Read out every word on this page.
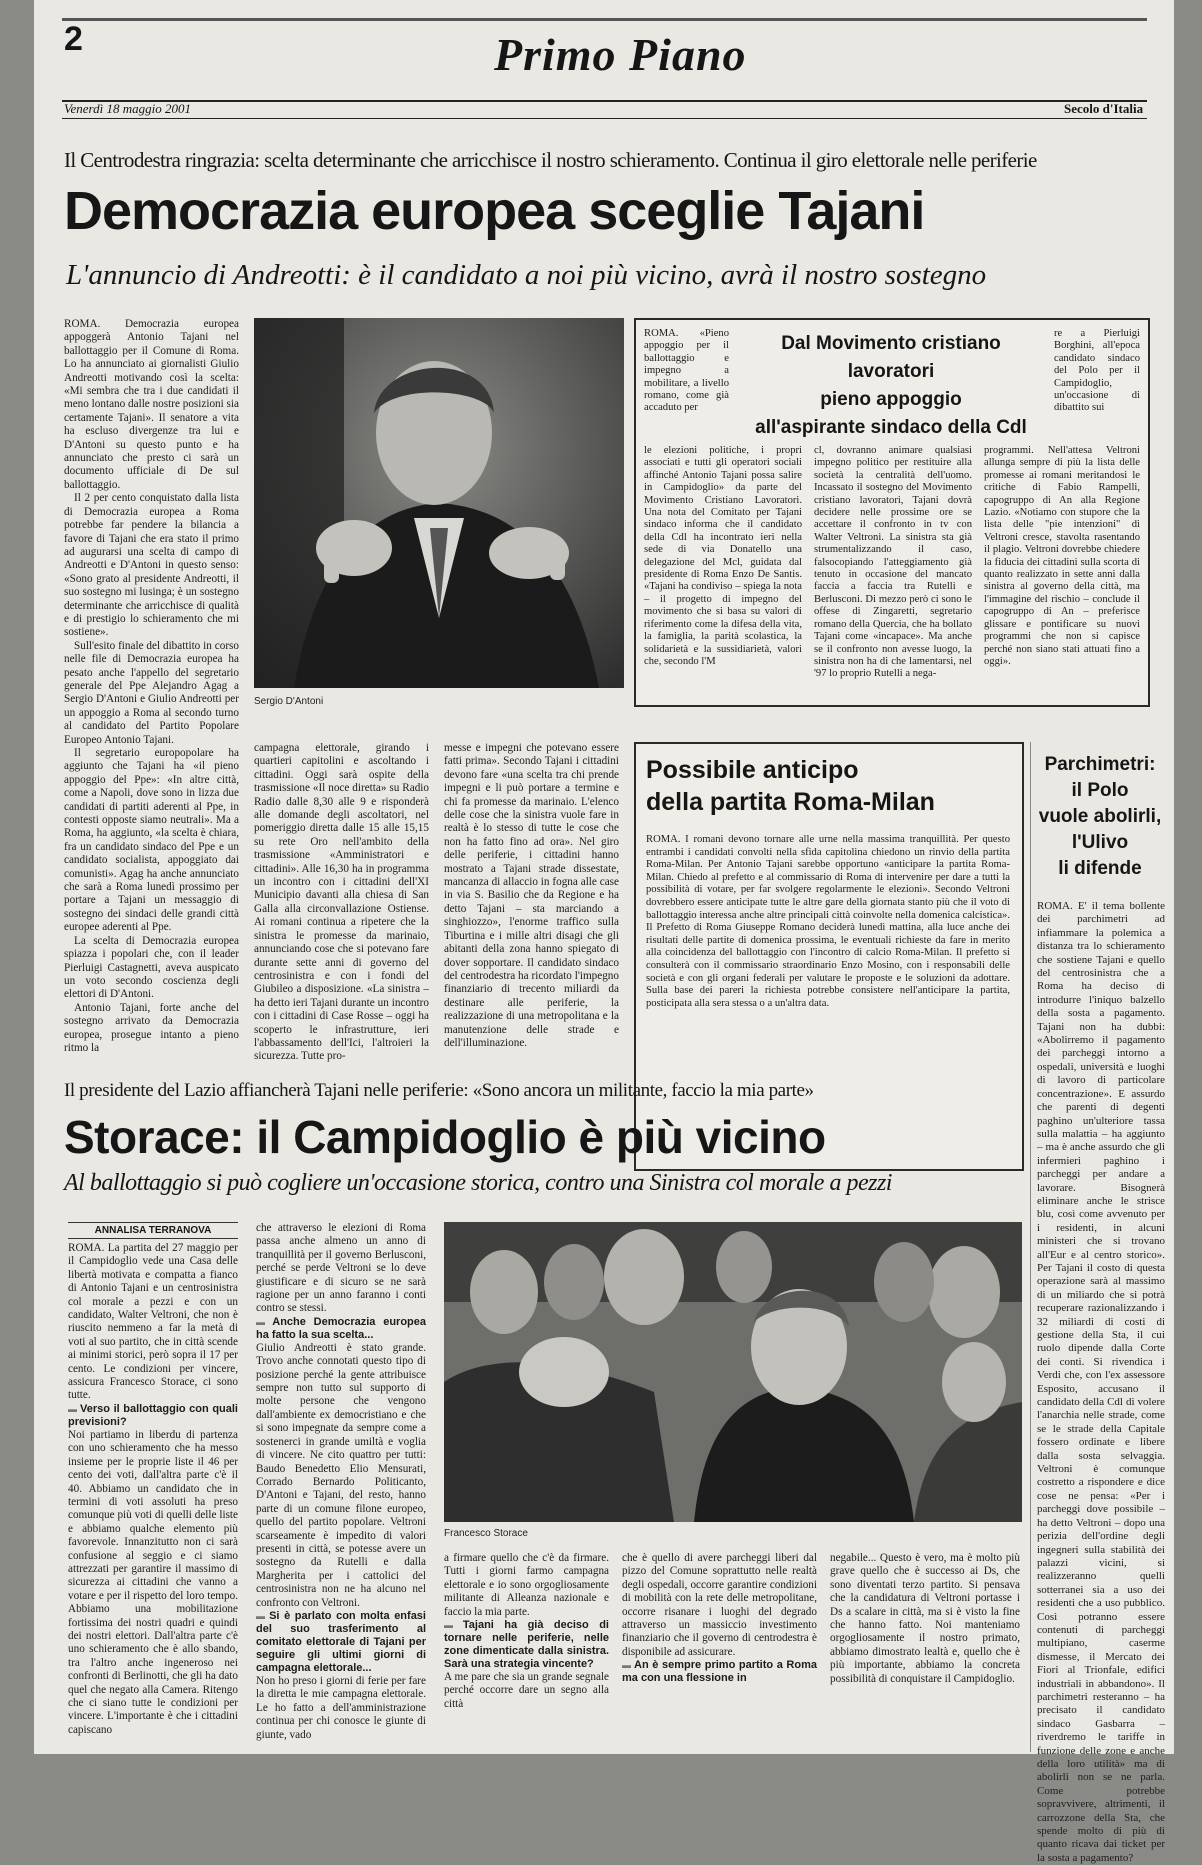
2	Primo Piano
Venerdì 18 maggio 2001	Secolo d'Italia
Il Centrodestra ringrazia: scelta determinante che arricchisce il nostro schieramento. Continua il giro elettorale nelle periferie
Democrazia europea sceglie Tajani
L'annuncio di Andreotti: è il candidato a noi più vicino, avrà il nostro sostegno

ROMA. Democrazia europea appoggerà Antonio Tajani nel ballottaggio per il Comune di Roma. Lo ha annunciato ai giornalisti Giulio Andreotti motivando così la scelta: «Mi sembra che tra i due candidati il meno lontano dalle nostre posizioni sia certamente Tajani». Il senatore a vita ha escluso divergenze tra lui e D'Antoni su questo punto e ha annunciato che presto ci sarà un documento ufficiale di De sul ballottaggio.

Il 2 per cento conquistato dalla lista di Democrazia europea a Roma potrebbe far pendere la bilancia a favore di Tajani che era stato il primo ad augurarsi una scelta di campo di Andreotti e D'Antoni in questo senso: «Sono grato al presidente Andreotti, il suo sostegno mi lusinga; è un sostegno determinante che arricchisce di qualità e di prestigio lo schieramento che mi sostiene».

Sull'esito finale del dibattito in corso nelle file di Democrazia europea ha pesato anche l'appello del segretario generale del Ppe Alejandro Agag a Sergio D'Antoni e Giulio Andreotti per un appoggio a Roma al secondo turno al candidato del Partito Popolare Europeo Antonio Tajani.

Il segretario europopolare ha aggiunto che Tajani ha «il pieno appoggio del Ppe»: «In altre città, come a Napoli, dove sono in lizza due candidati di partiti aderenti al Ppe, in contesti opposte siamo neutrali». Ma a Roma, ha aggiunto, «la scelta è chiara, fra un candidato sindaco del Ppe e un candidato socialista, appoggiato dai comunisti». Agag ha anche annunciato che sarà a Roma lunedì prossimo per portare a Tajani un messaggio di sostegno dei sindaci delle grandi città europee aderenti al Ppe.

La scelta di Democrazia europea spiazza i popolari che, con il leader Pierluigi Castagnetti, aveva auspicato un voto secondo coscienza degli elettori di D'Antoni.

Antonio Tajani, forte anche del sostegno arrivato da Democrazia europea, prosegue intanto a pieno ritmo la

Sergio D'Antoni

campagna elettorale, girando i quartieri capitolini e ascoltando i cittadini. Oggi sarà ospite della trasmissione «Il noce diretta» su Radio Radio dalle 8,30 alle 9 e risponderà alle domande degli ascoltatori, nel pomeriggio diretta dalle 15 alle 15,15 su rete Oro nell'ambito della trasmissione «Amministratori e cittadini». Alle 16,30 ha in programma un incontro con i cittadini dell'XI Municipio davanti alla chiesa di San Galla alla circonvallazione Ostiense. Ai romani continua a ripetere che la sinistra le promesse da marinaio, annunciando cose che si potevano fare durante sette anni di governo del centrosinistra e con i fondi del Giubileo a disposizione. «La sinistra – ha detto ieri Tajani durante un incontro con i cittadini di Case Rosse – oggi ha scoperto le infrastrutture, ieri l'abbassamento dell'Ici, l'altroieri la sicurezza. Tutte pro-

messe e impegni che potevano essere fatti prima». Secondo Tajani i cittadini devono fare «una scelta tra chi prende impegni e li può portare a termine e chi fa promesse da marinaio. L'elenco delle cose che la sinistra vuole fare in realtà è lo stesso di tutte le cose che non ha fatto fino ad ora». Nel giro delle periferie, i cittadini hanno mostrato a Tajani strade dissestate, mancanza di allaccio in fogna alle case in via S. Basilio che da Regione e ha detto Tajani – sta marciando a singhiozzo», l'enorme traffico sulla Tiburtina e i mille altri disagi che gli abitanti della zona hanno spiegato di dover sopportare. Il candidato sindaco del centrodestra ha ricordato l'impegno finanziario di trecento miliardi da destinare alle periferie, la realizzazione di una metropolitana e la manutenzione delle strade e dell'illuminazione.

Dal Movimento cristiano lavoratori
pieno appoggio
all'aspirante sindaco della Cdl

ROMA. «Pieno appoggio per il ballottaggio e impegno a mobilitare, a livello romano, come già accaduto per

re a Pierluigi Borghini, all'epoca candidato sindaco del Polo per il Campidoglio, un'occasione di dibattito sui

le elezioni politiche, i propri associati e tutti gli operatori sociali affinché Antonio Tajani possa salire in Campidoglio» da parte del Movimento Cristiano Lavoratori. Una nota del Comitato per Tajani sindaco informa che il candidato della Cdl ha incontrato ieri nella sede di via Donatello una delegazione del Mcl, guidata dal presidente di Roma Enzo De Santis. «Tajani ha condiviso – spiega la nota – il progetto di impegno del movimento che si basa su valori di riferimento come la difesa della vita, la famiglia, la parità scolastica, la solidarietà e la sussidiarietà, valori che, secondo l'M

cl, dovranno animare qualsiasi impegno politico per restituire alla società la centralità dell'uomo. Incassato il sostegno del Movimento cristiano lavoratori, Tajani dovrà decidere nelle prossime ore se accettare il confronto in tv con Walter Veltroni. La sinistra sta già strumentalizzando il caso, falsocopiando l'atteggiamento già tenuto in occasione del mancato faccia a faccia tra Rutelli e Berlusconi. Di mezzo però ci sono le offese di Zingaretti, segretario romano della Quercia, che ha bollato Tajani come «incapace». Ma anche se il confronto non avesse luogo, la sinistra non ha di che lamentarsi, nel '97 lo proprio Rutelli a nega-

programmi. Nell'attesa Veltroni allunga sempre di più la lista delle promesse ai romani meritandosi le critiche di Fabio Rampelli, capogruppo di An alla Regione Lazio. «Notiamo con stupore che la lista delle "pie intenzioni" di Veltroni cresce, stavolta rasentando il plagio. Veltroni dovrebbe chiedere la fiducia dei cittadini sulla scorta di quanto realizzato in sette anni dalla sinistra al governo della città, ma l'immagine del rischio – conclude il capogruppo di An – preferisce glissare e pontificare su nuovi programmi che non si capisce perché non siano stati attuati fino a oggi».

Possibile anticipo
della partita Roma-Milan

ROMA. I romani devono tornare alle urne nella massima tranquillità. Per questo entrambi i candidati convolti nella sfida capitolina chiedono un rinvio della partita Roma-Milan. Per Antonio Tajani sarebbe opportuno «anticipare la partita Roma-Milan. Chiedo al prefetto e al commissario di Roma di intervenire per dare a tutti la possibilità di votare, per far svolgere regolarmente le elezioni». Secondo Veltroni dovrebbero essere anticipate tutte le altre gare della giornata stanto più che il voto di ballottaggio interessa anche altre principali città coinvolte nella domenica calcistica». Il Prefetto di Roma Giuseppe Romano deciderà lunedì mattina, alla luce anche dei risultati delle partite di domenica prossima, le eventuali richieste da fare in merito alla coincidenza del ballottaggio con l'incontro di calcio Roma-Milan. Il prefetto si consulterà con il commissario straordinario Enzo Mosino, con i responsabili delle società e con gli organi federali per valutare le proposte e le soluzioni da adottare. Sulla base dei pareri la richiesta potrebbe consistere nell'anticipare la partita, posticipata alla sera stessa o a un'altra data.

Parchimetri:
il Polo
vuole abolirli,
l'Ulivo
li difende

ROMA. E' il tema bollente dei parchimetri ad infiammare la polemica a distanza tra lo schieramento che sostiene Tajani e quello del centrosinistra che a Roma ha deciso di introdurre l'iniquo balzello della sosta a pagamento. Tajani non ha dubbi: «Abolirremo il pagamento dei parcheggi intorno a ospedali, università e luoghi di lavoro di particolare concentrazione». E assurdo che parenti di degenti paghino un'ulteriore tassa sulla malattia – ha aggiunto – ma è anche assurdo che gli infermieri paghino i parcheggi per andare a lavorare. Bisognerà eliminare anche le strisce blu, così come avvenuto per i residenti, in alcuni ministeri che si trovano all'Eur e al centro storico». Per Tajani il costo di questa operazione sarà al massimo di un miliardo che si potrà recuperare razionalizzando i 32 miliardi di costi di gestione della Sta, il cui ruolo dipende dalla Corte dei conti. Si rivendica i Verdi che, con l'ex assessore Esposito, accusano il candidato della Cdl di volere l'anarchia nelle strade, come se le strade della Capitale fossero ordinate e libere dalla sosta selvaggia. Veltroni è comunque costretto a rispondere e dice cose ne pensa: «Per i parcheggi dove possibile – ha detto Veltroni – dopo una perizia dell'ordine degli ingegneri sulla stabilità dei palazzi vicini, si realizzeranno quelli sotterranei sia a uso dei residenti che a uso pubblico. Così potranno essere contenuti di parcheggi multipiano, caserme dismesse, il Mercato dei Fiori al Trionfale, edifici industriali in abbandono». Il parchimetri resteranno – ha precisato il candidato sindaco Gasbarra – riverdremo le tariffe in funzione delle zone e anche della loro utilità» ma di abolirli non se ne parla. Come potrebbe sopravvivere, altrimenti, il carrozzone della Sta, che spende molto di più di quanto ricava dai ticket per la sosta a pagamento?

Il presidente del Lazio affiancherà Tajani nelle periferie: «Sono ancora un militante, faccio la mia parte»
Storace: il Campidoglio è più vicino
Al ballottaggio si può cogliere un'occasione storica, contro una Sinistra col morale a pezzi
ANNALISA TERRANOVA

ROMA. La partita del 27 maggio per il Campidoglio vede una Casa delle libertà motivata e compatta a fianco di Antonio Tajani e un centrosinistra col morale a pezzi e con un candidato, Walter Veltroni, che non è riuscito nemmeno a far la metà di voti al suo partito, che in città scende ai minimi storici, però sopra il 17 per cento. Le condizioni per vincere, assicura Francesco Storace, ci sono tutte.

▬ Verso il ballottaggio con quali previsioni?

Noi partiamo in liberdu di partenza con uno schieramento che ha messo insieme per le proprie liste il 46 per cento dei voti, dall'altra parte c'è il 40. Abbiamo un candidato che in termini di voti assoluti ha preso comunque più voti di quelli delle liste e abbiamo qualche elemento più favorevole. Innanzitutto non ci sarà confusione al seggio e ci siamo attrezzati per garantire il massimo di sicurezza ai cittadini che vanno a votare e per il rispetto del loro tempo. Abbiamo una mobilitazione fortissima dei nostri quadri e quindi dei nostri elettori. Dall'altra parte c'è uno schieramento che è allo sbando, tra l'altro anche ingeneroso nei confronti di Berlinotti, che gli ha dato quel che negato alla Camera. Ritengo che ci siano tutte le condizioni per vincere. L'importante è che i cittadini capiscano

che attraverso le elezioni di Roma passa anche almeno un anno di tranquillità per il governo Berlusconi, perché se perde Veltroni se lo deve giustificare e di sicuro se ne sarà ragione per un anno faranno i conti contro se stessi.

▬ Anche Democrazia europea ha fatto la sua scelta...

Giulio Andreotti è stato grande. Trovo anche connotati questo tipo di posizione perché la gente attribuisce sempre non tutto sul supporto di molte persone che vengono dall'ambiente ex democristiano e che si sono impegnate da sempre come a sostenerci in grande umiltà e voglia di vincere. Ne cito quattro per tutti: Baudo Benedetto Elio Mensurati, Corrado Bernardo Politicanto, D'Antoni e Tajani, del resto, hanno parte di un comune filone europeo, quello del partito popolare. Veltroni scarseamente è impedito di valori presenti in città, se potesse avere un sostegno da Rutelli e dalla Margherita per i cattolici del centrosinistra non ne ha alcuno nel confronto con Veltroni.

▬ Si è parlato con molta enfasi del suo trasferimento al comitato elettorale di Tajani per seguire gli ultimi giorni di campagna elettorale...

Non ho preso i giorni di ferie per fare la diretta le mie campagna elettorale. Le ho fatto a dell'amministrazione continua per chi conosce le giunte di giunte, vado

Francesco Storace

a firmare quello che c'è da firmare. Tutti i giorni farmo campagna elettorale e io sono orgogliosamente militante di Alleanza nazionale e faccio la mia parte.

▬ Tajani ha già deciso di tornare nelle periferie, nelle zone dimenticate dalla sinistra. Sarà una strategia vincente?

A me pare che sia un grande segnale perché occorre dare un segno alla città

che è quello di avere parcheggi liberi dal pizzo del Comune soprattutto nelle realtà degli ospedali, occorre garantire condizioni di mobilità con la rete delle metropolitane, occorre risanare i luoghi del degrado attraverso un massiccio investimento finanziario che il governo di centrodestra è disponibile ad assicurare.

▬ An è sempre primo partito a Roma ma con una flessione in

negabile... Questo è vero, ma è molto più grave quello che è successo ai Ds, che sono diventati terzo partito. Si pensava che la candidatura di Veltroni portasse i Ds a scalare in città, ma si è visto la fine che hanno fatto. Noi manteniamo orgogliosamente il nostro primato, abbiamo dimostrato lealtà e, quello che è più importante, abbiamo la concreta possibilità di conquistare il Campidoglio.
